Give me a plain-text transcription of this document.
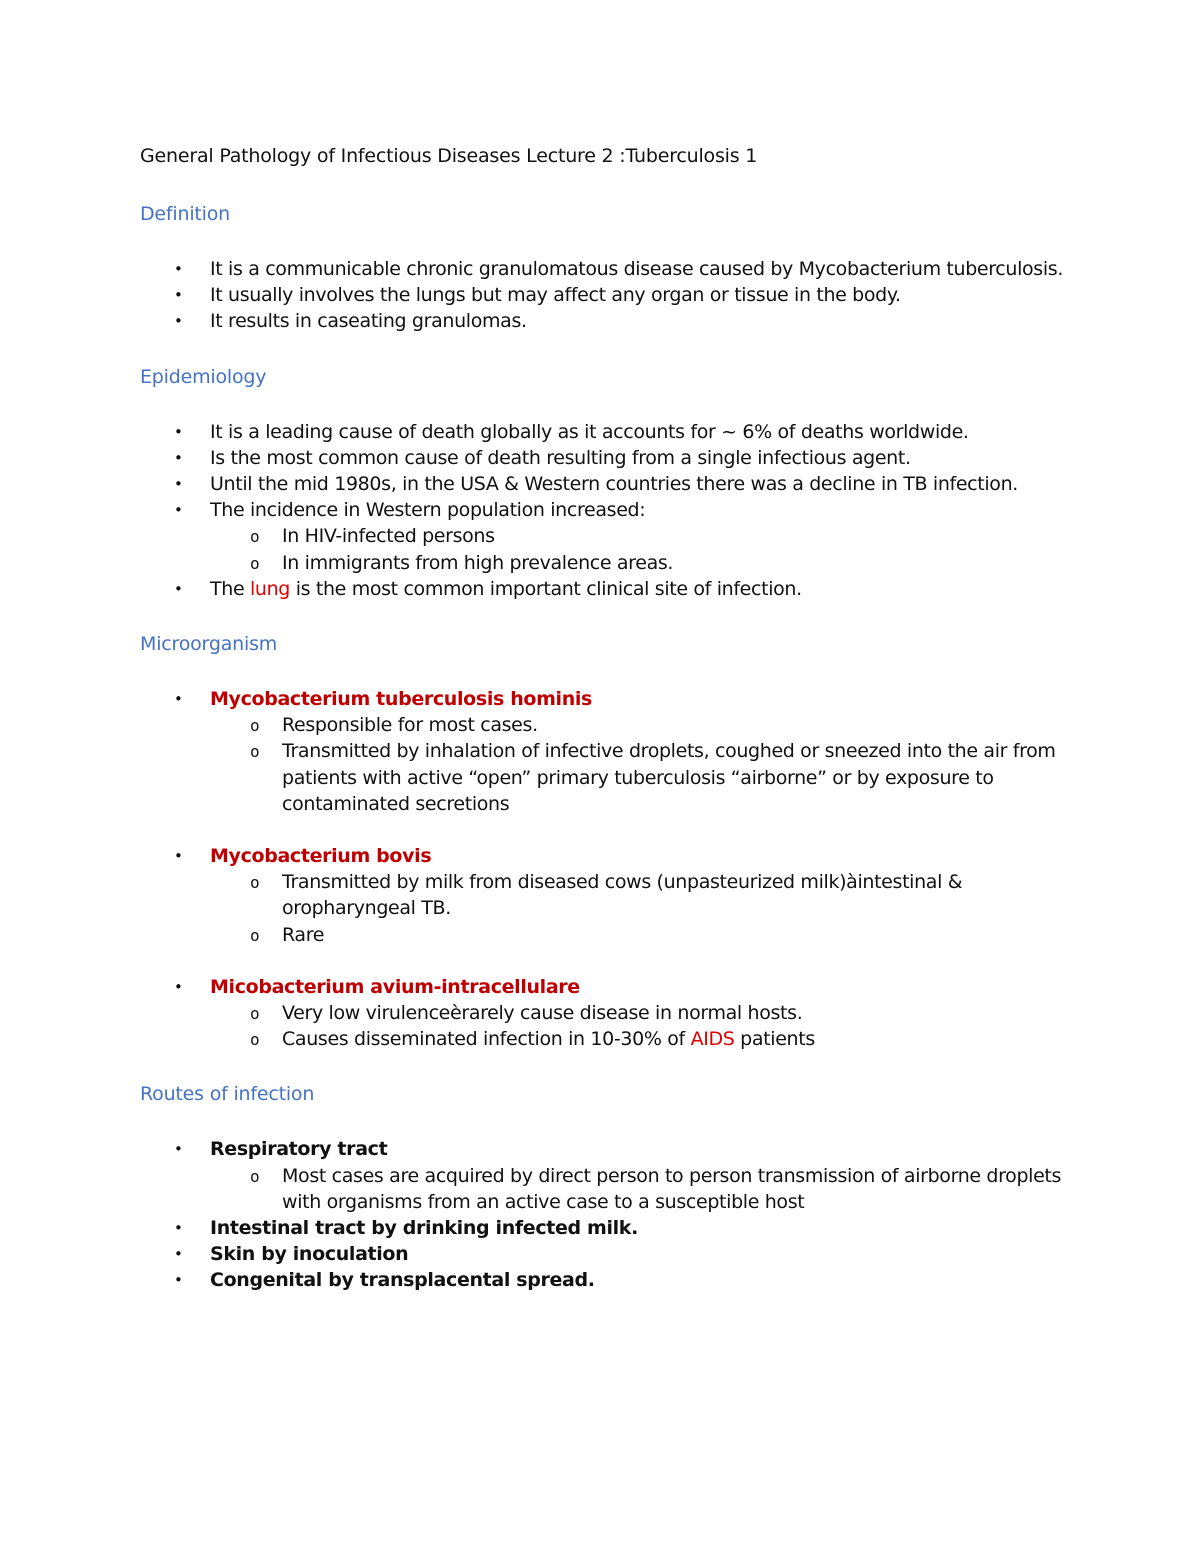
General Pathology of Infectious Diseases Lecture 2 :Tuberculosis 1
Definition
• It is a communicable chronic granulomatous disease caused by Mycobacterium tuberculosis.
• It usually involves the lungs but may affect any organ or tissue in the body.
• It results in caseating granulomas.
Epidemiology
• It is a leading cause of death globally as it accounts for ~ 6% of deaths worldwide.
• Is the most common cause of death resulting from a single infectious agent.
• Until the mid 1980s, in the USA & Western countries there was a decline in TB infection.
• The incidence in Western population increased:
o In HIV-infected persons
o In immigrants from high prevalence areas.
• The lung is the most common important clinical site of infection.
Microorganism
• Mycobacterium tuberculosis hominis
o Responsible for most cases.
o Transmitted by inhalation of infective droplets, coughed or sneezed into the air from patients with active “open” primary tuberculosis “airborne” or by exposure to contaminated secretions
• Mycobacterium bovis
o Transmitted by milk from diseased cows (unpasteurized milk)àintestinal & oropharyngeal TB.
o Rare
• Micobacterium avium-intracellulare
o Very low virulenceèrarely cause disease in normal hosts.
o Causes disseminated infection in 10-30% of AIDS patients
Routes of infection
• Respiratory tract
o Most cases are acquired by direct person to person transmission of airborne droplets with organisms from an active case to a susceptible host
• Intestinal tract by drinking infected milk.
• Skin by inoculation
• Congenital by transplacental spread.
